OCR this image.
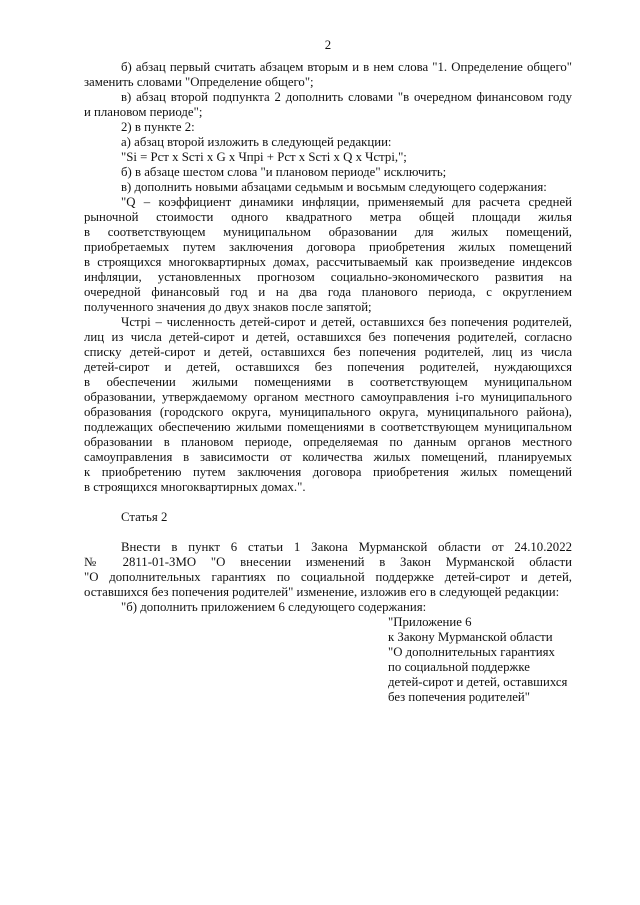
2
б) абзац первый считать абзацем вторым и в нем слова "1. Определение общего"
заменить словами "Определение общего";
в) абзац второй подпункта 2 дополнить словами "в очередном финансовом году
и плановом периоде";
2) в пункте 2:
а) абзац второй изложить в следующей редакции:
"Si = Рст х Sстi х G х Чпрi + Рст х Sстi х Q х Чстрi,";
б) в абзаце шестом слова "и плановом периоде" исключить;
в) дополнить новыми абзацами седьмым и восьмым следующего содержания:
"Q – коэффициент динамики инфляции, применяемый для расчета средней
рыночной стоимости одного квадратного метра общей площади жилья
в соответствующем муниципальном образовании для жилых помещений,
приобретаемых путем заключения договора приобретения жилых помещений
в строящихся многоквартирных домах, рассчитываемый как произведение индексов
инфляции, установленных прогнозом социально-экономического развития на
очередной финансовый год и на два года планового периода, с округлением
полученного значения до двух знаков после запятой;
Чстрi – численность детей-сирот и детей, оставшихся без попечения родителей,
лиц из числа детей-сирот и детей, оставшихся без попечения родителей, согласно
списку детей-сирот и детей, оставшихся без попечения родителей, лиц из числа
детей-сирот и детей, оставшихся без попечения родителей, нуждающихся
в обеспечении жилыми помещениями в соответствующем муниципальном
образовании, утверждаемому органом местного самоуправления i-го муниципального
образования (городского округа, муниципального округа, муниципального района),
подлежащих обеспечению жилыми помещениями в соответствующем муниципальном
образовании в плановом периоде, определяемая по данным органов местного
самоуправления в зависимости от количества жилых помещений, планируемых
к приобретению путем заключения договора приобретения жилых помещений
в строящихся многоквартирных домах.".
Статья 2
Внести в пункт 6 статьи 1 Закона Мурманской области от 24.10.2022
№ 2811-01-ЗМО "О внесении изменений в Закон Мурманской области
"О дополнительных гарантиях по социальной поддержке детей-сирот и детей,
оставшихся без попечения родителей" изменение, изложив его в следующей редакции:
"б) дополнить приложением 6 следующего содержания:
"Приложение 6
к Закону Мурманской области
"О дополнительных гарантиях
по социальной поддержке
детей-сирот и детей, оставшихся
без попечения родителей"
